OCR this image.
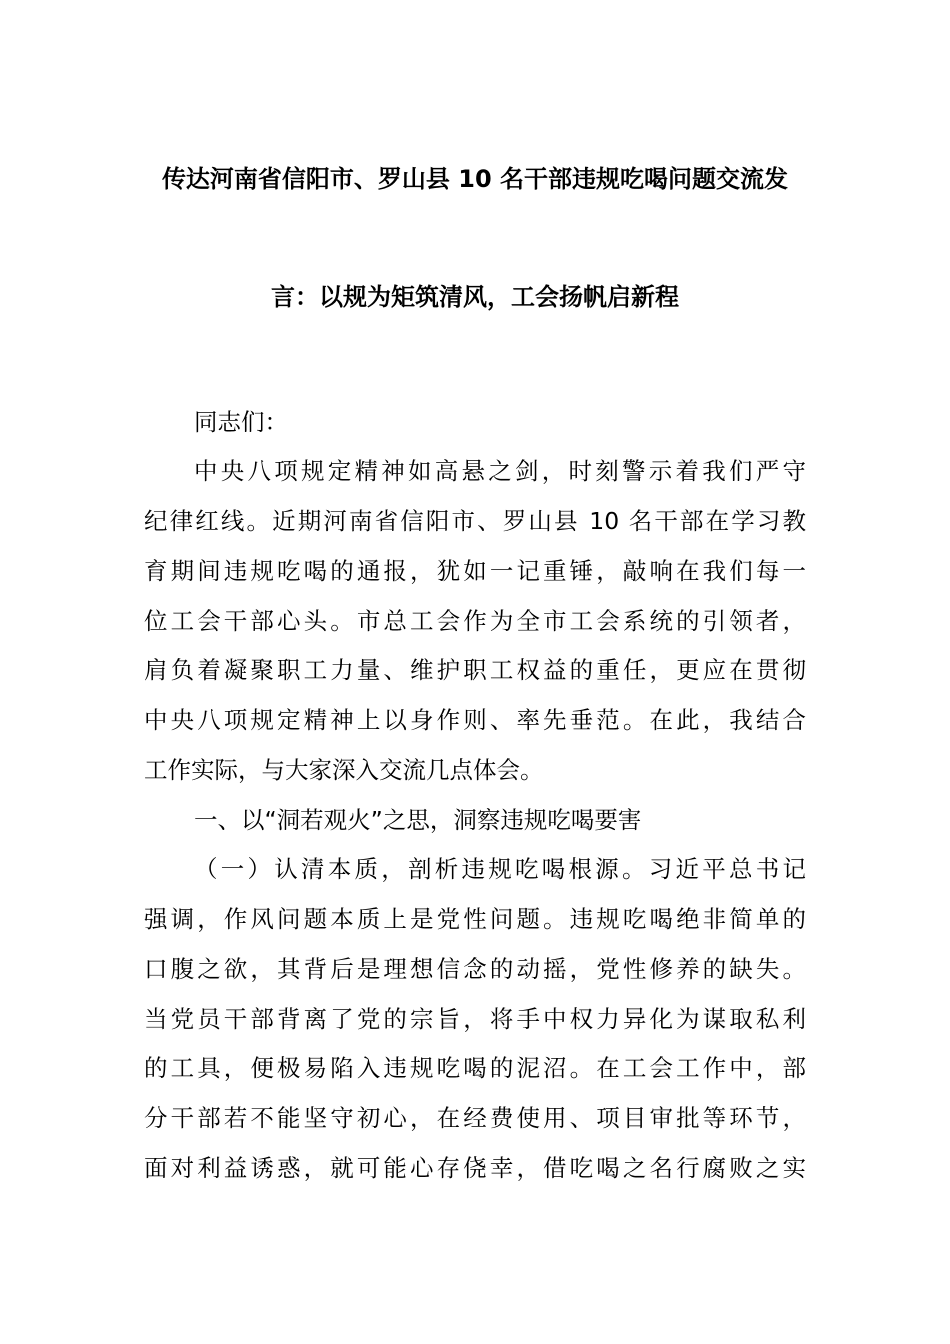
传达河南省信阳市、罗山县 10 名干部违规吃喝问题交流发
言：以规为矩筑清风，工会扬帆启新程
同志们：
中央八项规定精神如高悬之剑，时刻警示着我们严守
纪律红线。近期河南省信阳市、罗山县 10 名干部在学习教
育期间违规吃喝的通报，犹如一记重锤，敲响在我们每一
位工会干部心头。市总工会作为全市工会系统的引领者，
肩负着凝聚职工力量、维护职工权益的重任，更应在贯彻
中央八项规定精神上以身作则、率先垂范。在此，我结合
工作实际，与大家深入交流几点体会。
一、以“洞若观火”之思，洞察违规吃喝要害
（一）认清本质，剖析违规吃喝根源。习近平总书记
强调，作风问题本质上是党性问题。违规吃喝绝非简单的
口腹之欲，其背后是理想信念的动摇，党性修养的缺失。
当党员干部背离了党的宗旨，将手中权力异化为谋取私利
的工具，便极易陷入违规吃喝的泥沼。在工会工作中，部
分干部若不能坚守初心，在经费使用、项目审批等环节，
面对利益诱惑，就可能心存侥幸，借吃喝之名行腐败之实
